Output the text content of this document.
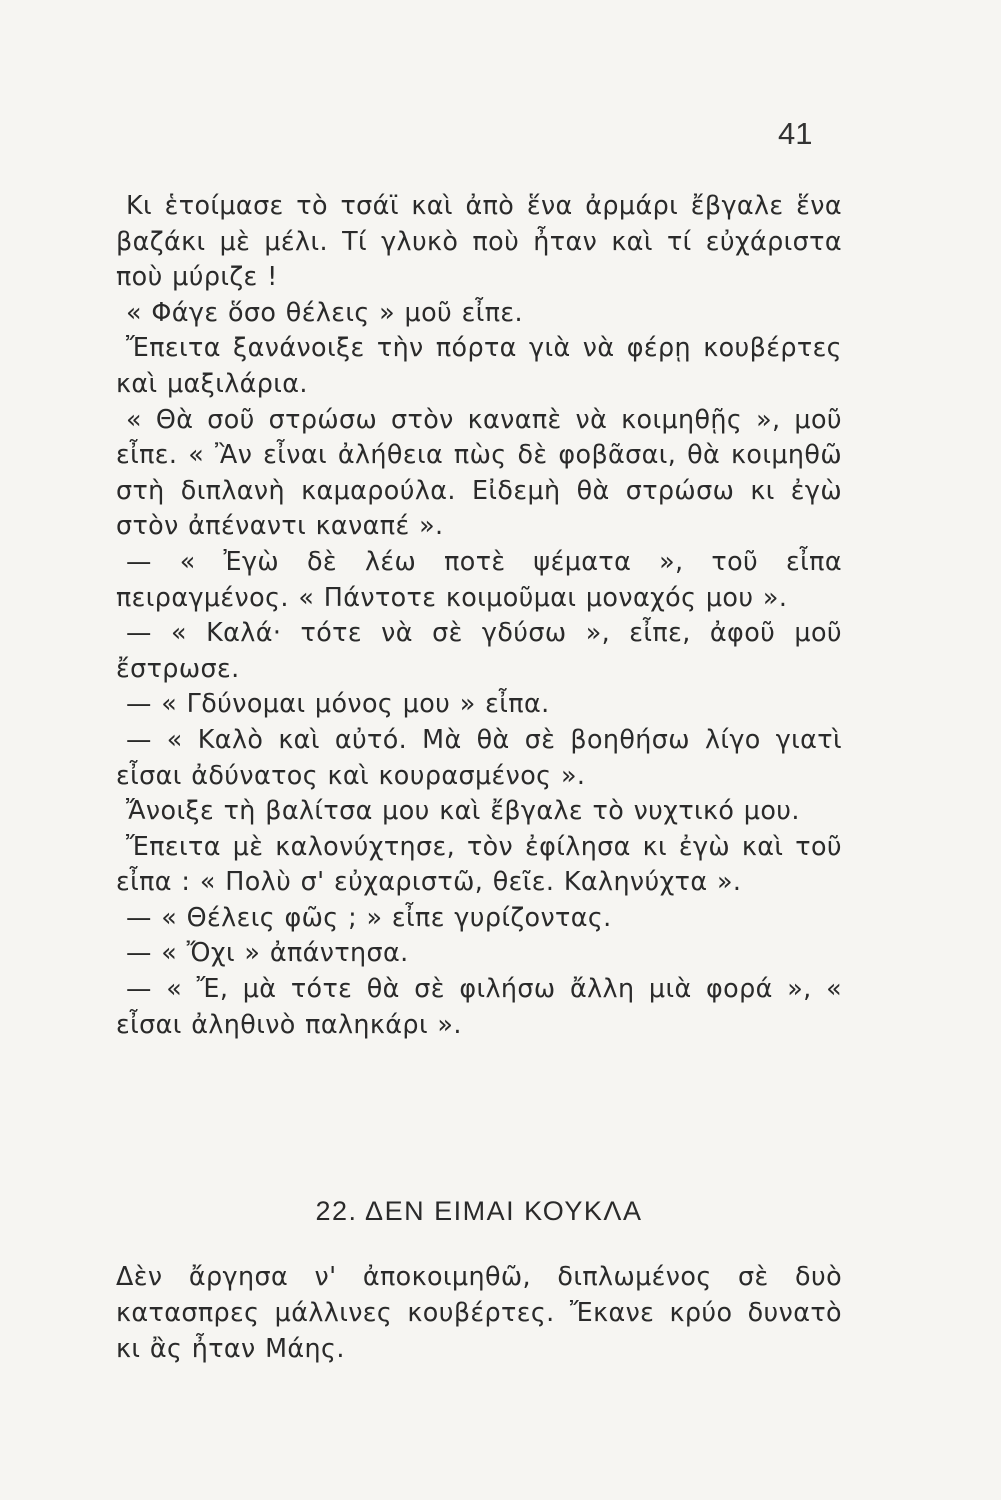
41

Κι ἑτοίμασε τὸ τσάϊ καὶ ἀπὸ ἕνα ἀρμάρι ἔβγαλε ἕνα βαζάκι μὲ μέλι. Τί γλυκὸ ποὺ ἦταν καὶ τί εὐχάριστα ποὺ μύριζε !

« Φάγε ὅσο θέλεις » μοῦ εἶπε.

Ἔπειτα ξανάνοιξε τὴν πόρτα γιὰ νὰ φέρῃ κουβέρτες καὶ μαξιλάρια.

« Θὰ σοῦ στρώσω στὸν καναπὲ νὰ κοιμηθῇς », μοῦ εἶπε. « Ἂν εἶναι ἀλήθεια πὼς δὲ φοβᾶσαι, θὰ κοιμηθῶ στὴ διπλανὴ καμαρούλα. Εἰδεμὴ θὰ στρώσω κι ἐγὼ στὸν ἀπέναντι καναπέ ».

— « Ἐγὼ δὲ λέω ποτὲ ψέματα », τοῦ εἶπα πειραγμένος. « Πάντοτε κοιμοῦμαι μοναχός μου ».

— « Καλά· τότε νὰ σὲ γδύσω », εἶπε, ἀφοῦ μοῦ ἔστρωσε.

— « Γδύνομαι μόνος μου » εἶπα.

— « Καλὸ καὶ αὐτό. Μὰ θὰ σὲ βοηθήσω λίγο γιατὶ εἶσαι ἀδύνατος καὶ κουρασμένος ».

Ἄνοιξε τὴ βαλίτσα μου καὶ ἔβγαλε τὸ νυχτικό μου.

Ἔπειτα μὲ καλονύχτησε, τὸν ἐφίλησα κι ἐγὼ καὶ τοῦ εἶπα : « Πολὺ σ' εὐχαριστῶ, θεῖε. Καληνύχτα ».

— « Θέλεις φῶς ; » εἶπε γυρίζοντας.

— « Ὄχι » ἀπάντησα.

— « Ἔ, μὰ τότε θὰ σὲ φιλήσω ἄλλη μιὰ φορά », « εἶσαι ἀληθινὸ παληκάρι ».

22. ΔΕΝ ΕΙΜΑΙ ΚΟΥΚΛΑ

Δὲν ἄργησα ν' ἀποκοιμηθῶ, διπλωμένος σὲ δυὸ κατασπρες μάλλινες κουβέρτες. Ἔκανε κρύο δυνατὸ κι ἂς ἦταν Μάης.
